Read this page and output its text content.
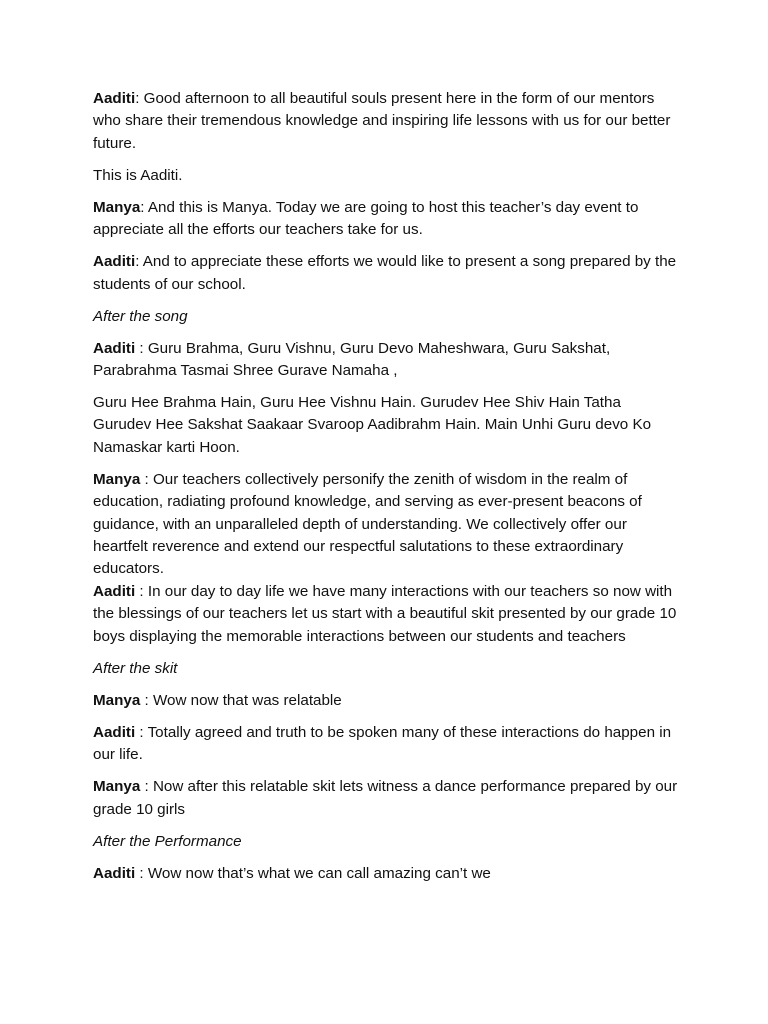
Aaditi: Good afternoon to all beautiful souls present here in the form of our mentors who share their tremendous knowledge and inspiring life lessons with us for our better future.

This is Aaditi.

Manya: And this is Manya. Today we are going to host this teacher’s day event to appreciate all the efforts our teachers take for us.

Aaditi: And to appreciate these efforts we would like to present a song prepared by the students of our school.

After the song

Aaditi : Guru Brahma, Guru Vishnu, Guru Devo Maheshwara, Guru Sakshat, Parabrahma Tasmai Shree Gurave Namaha ,

Guru Hee Brahma Hain, Guru Hee Vishnu Hain. Gurudev Hee Shiv Hain Tatha Gurudev Hee Sakshat Saakaar Svaroop Aadibrahm Hain. Main Unhi Guru devo Ko Namaskar karti Hoon.

Manya : Our teachers collectively personify the zenith of wisdom in the realm of education, radiating profound knowledge, and serving as ever-present beacons of guidance, with an unparalleled depth of understanding. We collectively offer our heartfelt reverence and extend our respectful salutations to these extraordinary educators.

Aaditi : In our day to day life we have many interactions with our teachers so now with the blessings of our teachers let us start with a beautiful skit presented by our grade 10 boys displaying the memorable interactions between our students and teachers

After the skit

Manya : Wow now that was relatable

Aaditi : Totally agreed and truth to be spoken many of these interactions do happen in our life.

Manya : Now after this relatable skit lets witness a dance performance prepared by our grade 10 girls

After the Performance

Aaditi : Wow now that’s what we can call amazing can’t we
